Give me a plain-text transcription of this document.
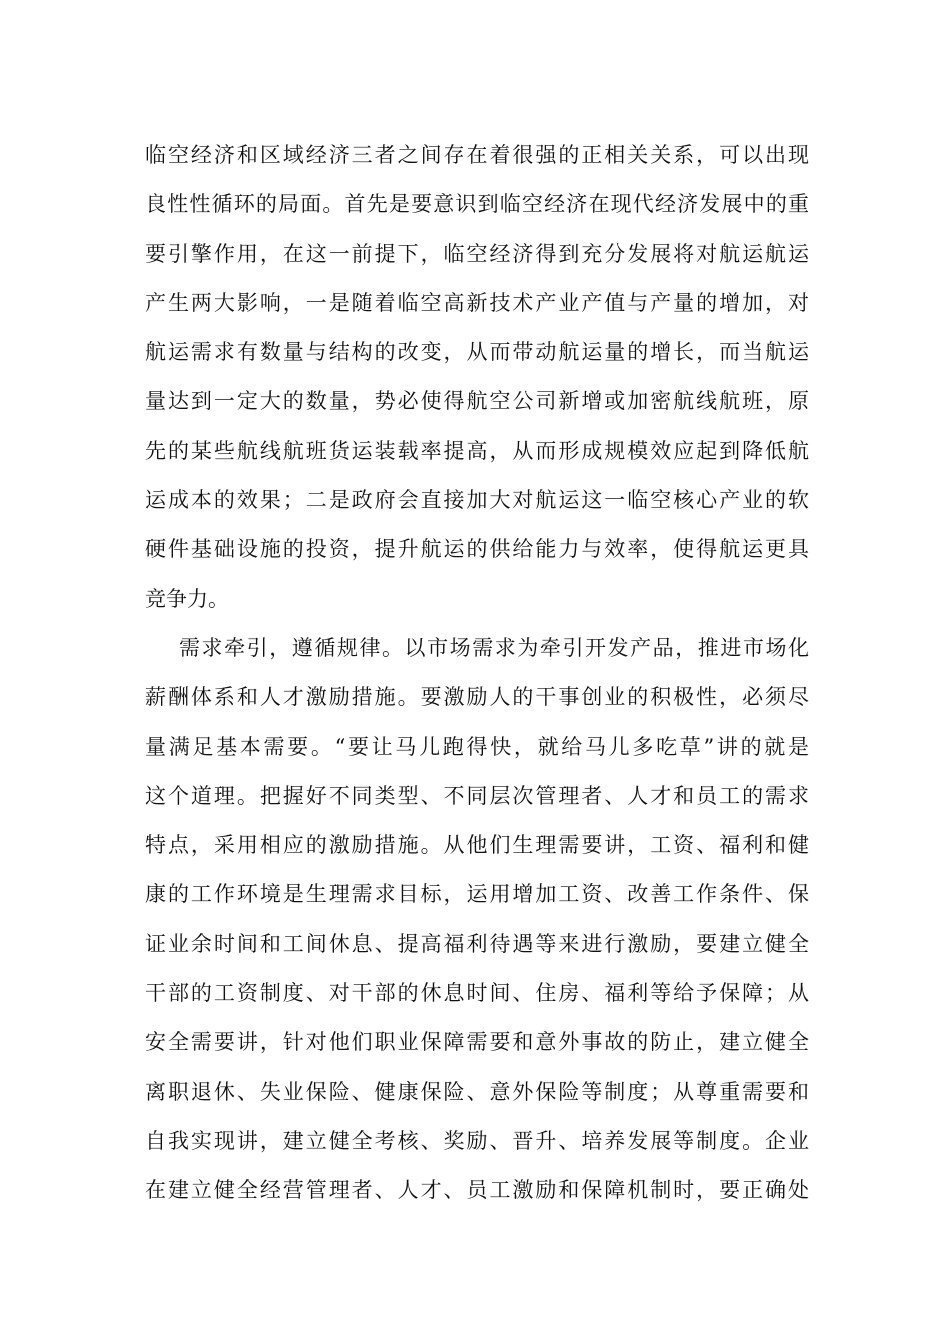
临空经济和区域经济三者之间存在着很强的正相关关系，可以出现
良性性循环的局面。首先是要意识到临空经济在现代经济发展中的重
要引擎作用，在这一前提下，临空经济得到充分发展将对航运航运
产生两大影响，一是随着临空高新技术产业产值与产量的增加，对
航运需求有数量与结构的改变，从而带动航运量的增长，而当航运
量达到一定大的数量，势必使得航空公司新增或加密航线航班，原
先的某些航线航班货运装载率提高，从而形成规模效应起到降低航
运成本的效果；二是政府会直接加大对航运这一临空核心产业的软
硬件基础设施的投资，提升航运的供给能力与效率，使得航运更具
竞争力。
需求牵引，遵循规律。以市场需求为牵引开发产品，推进市场化
薪酬体系和人才激励措施。要激励人的干事创业的积极性，必须尽
量满足基本需要。“要让马儿跑得快，就给马儿多吃草”讲的就是
这个道理。把握好不同类型、不同层次管理者、人才和员工的需求
特点，采用相应的激励措施。从他们生理需要讲，工资、福利和健
康的工作环境是生理需求目标，运用增加工资、改善工作条件、保
证业余时间和工间休息、提高福利待遇等来进行激励，要建立健全
干部的工资制度、对干部的休息时间、住房、福利等给予保障；从
安全需要讲，针对他们职业保障需要和意外事故的防止，建立健全
离职退休、失业保险、健康保险、意外保险等制度；从尊重需要和
自我实现讲，建立健全考核、奖励、晋升、培养发展等制度。企业
在建立健全经营管理者、人才、员工激励和保障机制时，要正确处
